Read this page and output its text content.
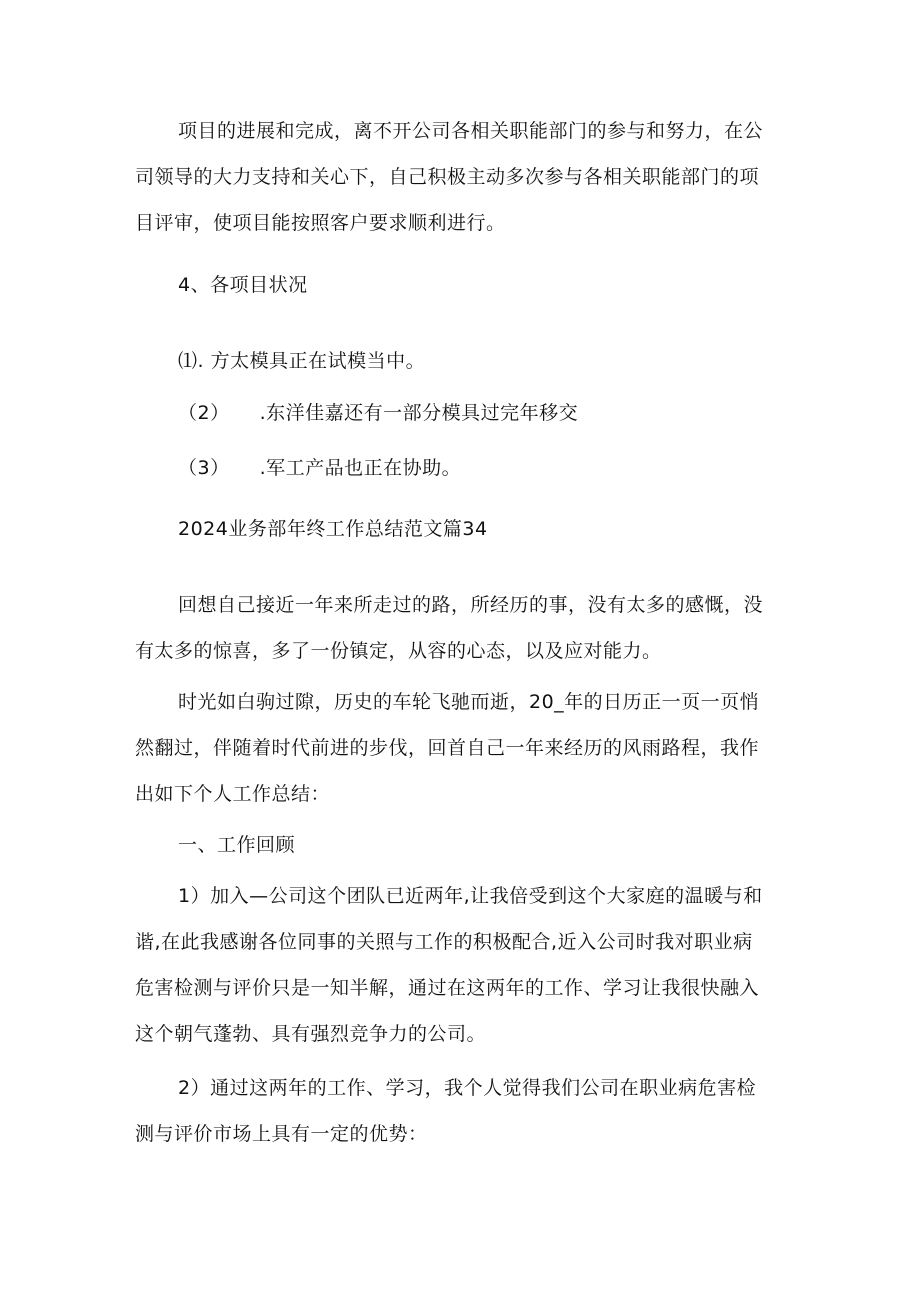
项目的进展和完成，离不开公司各相关职能部门的参与和努力，在公
司领导的大力支持和关心下，自己积极主动多次参与各相关职能部门的项
目评审，使项目能按照客户要求顺利进行。

4、各项目状况

⑴. 方太模具正在试模当中。

（2） .东洋佳嘉还有一部分模具过完年移交

（3） .军工产品也正在协助。

2024业务部年终工作总结范文篇34

回想自己接近一年来所走过的路，所经历的事，没有太多的感慨，没
有太多的惊喜，多了一份镇定，从容的心态，以及应对能力。

时光如白驹过隙，历史的车轮飞驰而逝，20_年的日历正一页一页悄
然翻过，伴随着时代前进的步伐，回首自己一年来经历的风雨路程，我作
出如下个人工作总结：

一、工作回顾

1）加入—公司这个团队已近两年,让我倍受到这个大家庭的温暖与和
谐,在此我感谢各位同事的关照与工作的积极配合,近入公司时我对职业病
危害检测与评价只是一知半解，通过在这两年的工作、学习让我很快融入
这个朝气蓬勃、具有强烈竞争力的公司。

2）通过这两年的工作、学习，我个人觉得我们公司在职业病危害检
测与评价市场上具有一定的优势：
